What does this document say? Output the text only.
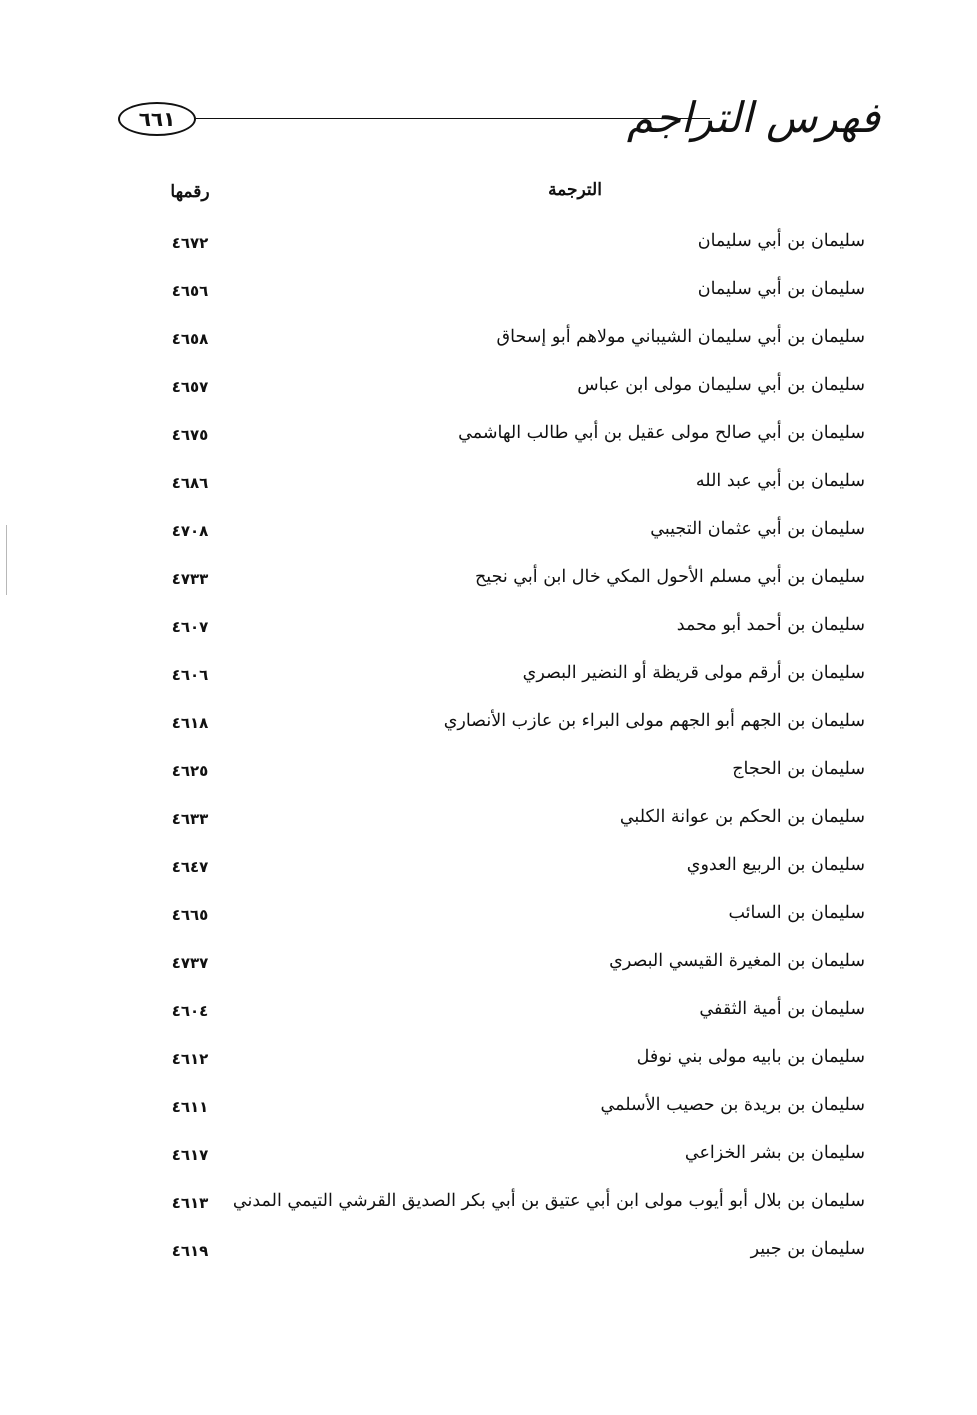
٦٦١	فهرس التراجم
الترجمة
رقمها
سليمان بن أبي سليمان
٤٦٧٢
سليمان بن أبي سليمان
٤٦٥٦
سليمان بن أبي سليمان الشيباني مولاهم أبو إسحاق
٤٦٥٨
سليمان بن أبي سليمان مولى ابن عباس
٤٦٥٧
سليمان بن أبي صالح مولى عقيل بن أبي طالب الهاشمي
٤٦٧٥
سليمان بن أبي عبد الله
٤٦٨٦
سليمان بن أبي عثمان التجيبي
٤٧٠٨
سليمان بن أبي مسلم الأحول المكي خال ابن أبي نجيح
٤٧٣٣
سليمان بن أحمد أبو محمد
٤٦٠٧
سليمان بن أرقم مولى قريظة أو النضير البصري
٤٦٠٦
سليمان بن الجهم أبو الجهم مولى البراء بن عازب الأنصاري
٤٦١٨
سليمان بن الحجاج
٤٦٢٥
سليمان بن الحكم بن عوانة الكلبي
٤٦٣٣
سليمان بن الربيع العدوي
٤٦٤٧
سليمان بن السائب
٤٦٦٥
سليمان بن المغيرة القيسي البصري
٤٧٣٧
سليمان بن أمية الثقفي
٤٦٠٤
سليمان بن بابيه مولى بني نوفل
٤٦١٢
سليمان بن بريدة بن حصيب الأسلمي
٤٦١١
سليمان بن بشر الخزاعي
٤٦١٧
سليمان بن بلال أبو أيوب مولى ابن أبي عتيق بن أبي بكر الصديق القرشي التيمي المدني
٤٦١٣
سليمان بن جبير
٤٦١٩
